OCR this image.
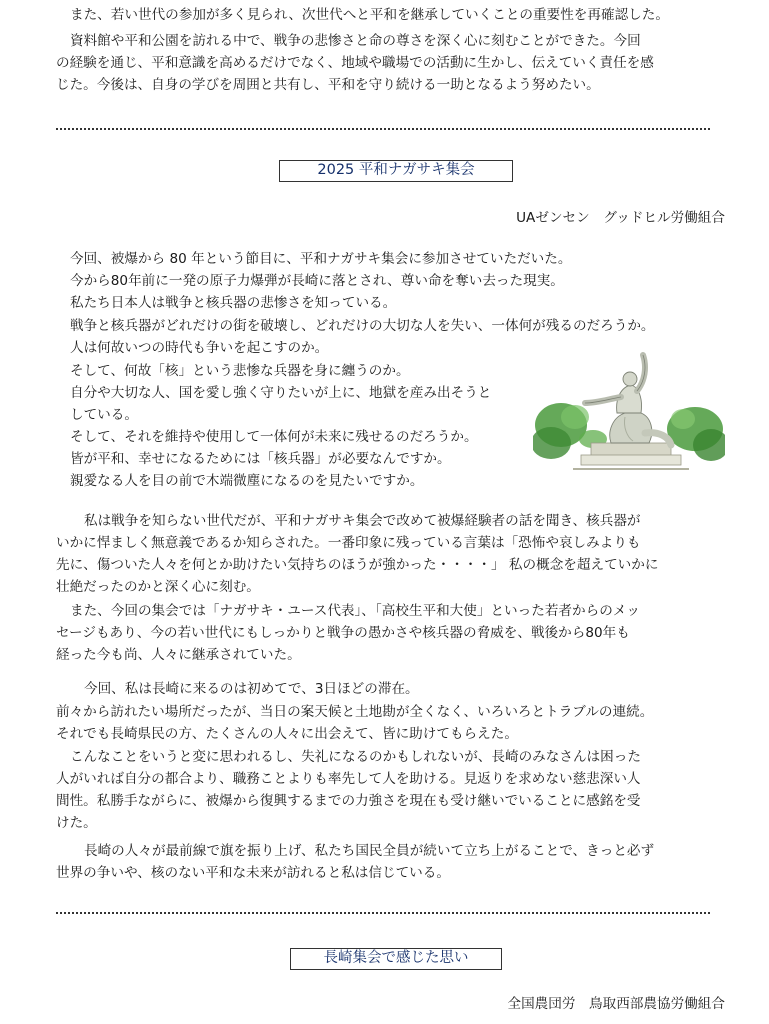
また、若い世代の参加が多く見られ、次世代へと平和を継承していくことの重要性を再確認した。
資料館や平和公園を訪れる中で、戦争の悲惨さと命の尊さを深く心に刻むことができた。今回
の経験を通じ、平和意識を高めるだけでなく、地域や職場での活動に生かし、伝えていく責任を感
じた。今後は、自身の学びを周囲と共有し、平和を守り続ける一助となるよう努めたい。
2025 平和ナガサキ集会
UAゼンセン　グッドヒル労働組合
今回、被爆から 80 年という節目に、平和ナガサキ集会に参加させていただいた。
今から80年前に一発の原子力爆弾が長崎に落とされ、尊い命を奪い去った現実。
私たち日本人は戦争と核兵器の悲惨さを知っている。
戦争と核兵器がどれだけの街を破壊し、どれだけの大切な人を失い、一体何が残るのだろうか。
人は何故いつの時代も争いを起こすのか。
そして、何故「核」という悲惨な兵器を身に纏うのか。
自分や大切な人、国を愛し強く守りたいが上に、地獄を産み出そうと
している。
そして、それを維持や使用して一体何が未来に残せるのだろうか。
皆が平和、幸せになるためには「核兵器」が必要なんですか。
親愛なる人を目の前で木端微塵になるのを見たいですか。
私は戦争を知らない世代だが、平和ナガサキ集会で改めて被爆経験者の話を聞き、核兵器が
いかに悍ましく無意義であるか知らされた。一番印象に残っている言葉は「恐怖や哀しみよりも
先に、傷ついた人々を何とか助けたい気持ちのほうが強かった・・・・」 私の概念を超えていかに
壮絶だったのかと深く心に刻む。
また、今回の集会では「ナガサキ・ユース代表」、「高校生平和大使」といった若者からのメッ
セージもあり、今の若い世代にもしっかりと戦争の愚かさや核兵器の脅威を、戦後から80年も
経った今も尚、人々に継承されていた。
今回、私は長崎に来るのは初めてで、3日ほどの滞在。
前々から訪れたい場所だったが、当日の案天候と土地勘が全くなく、いろいろとトラブルの連続。
それでも長崎県民の方、たくさんの人々に出会えて、皆に助けてもらえた。
こんなことをいうと変に思われるし、失礼になるのかもしれないが、長崎のみなさんは困った
人がいれば自分の都合より、職務ことよりも率先して人を助ける。見返りを求めない慈悲深い人
間性。私勝手ながらに、被爆から復興するまでの力強さを現在も受け継いでいることに感銘を受
けた。
長崎の人々が最前線で旗を振り上げ、私たち国民全員が続いて立ち上がることで、きっと必ず
世界の争いや、核のない平和な未来が訪れると私は信じている。
長崎集会で感じた思い
全国農団労　鳥取西部農協労働組合
